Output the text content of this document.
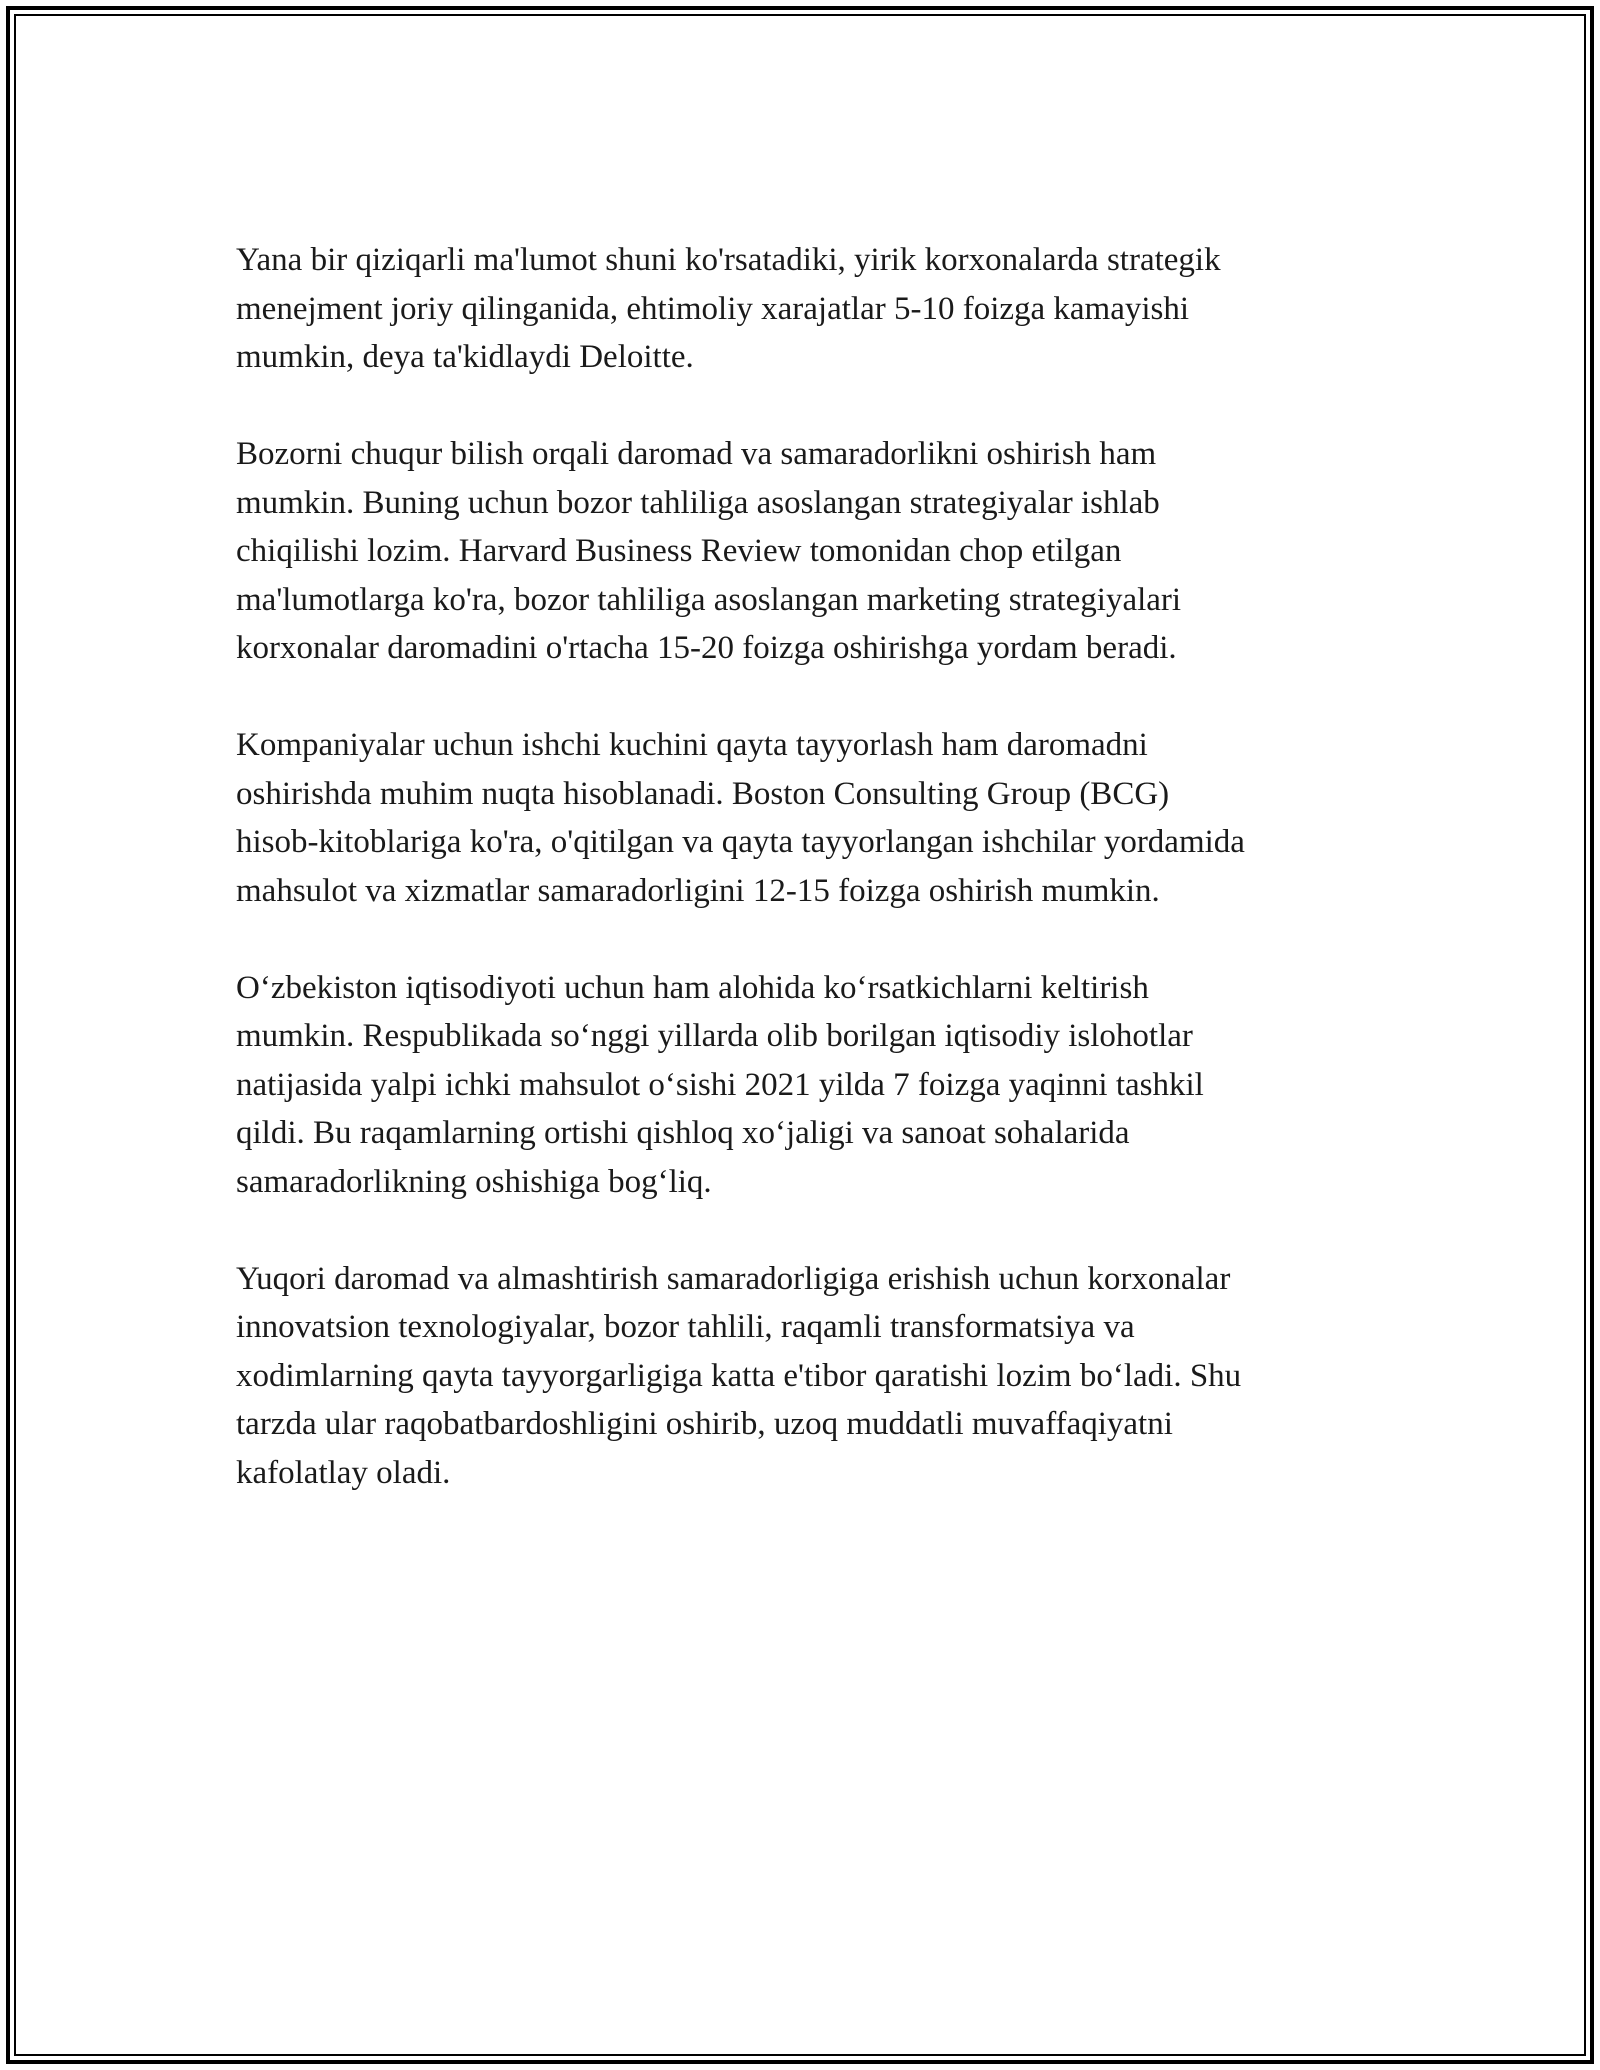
Yana bir qiziqarli ma'lumot shuni ko'rsatadiki, yirik korxonalarda strategik
menejment joriy qilinganida, ehtimoliy xarajatlar 5-10 foizga kamayishi
mumkin, deya ta'kidlaydi Deloitte.

Bozorni chuqur bilish orqali daromad va samaradorlikni oshirish ham
mumkin. Buning uchun bozor tahliliga asoslangan strategiyalar ishlab
chiqilishi lozim. Harvard Business Review tomonidan chop etilgan
ma'lumotlarga ko'ra, bozor tahliliga asoslangan marketing strategiyalari
korxonalar daromadini o'rtacha 15-20 foizga oshirishga yordam beradi.

Kompaniyalar uchun ishchi kuchini qayta tayyorlash ham daromadni
oshirishda muhim nuqta hisoblanadi. Boston Consulting Group (BCG)
hisob-kitoblariga ko'ra, o'qitilgan va qayta tayyorlangan ishchilar yordamida
mahsulot va xizmatlar samaradorligini 12-15 foizga oshirish mumkin.

O‘zbekiston iqtisodiyoti uchun ham alohida ko‘rsatkichlarni keltirish
mumkin. Respublikada so‘nggi yillarda olib borilgan iqtisodiy islohotlar
natijasida yalpi ichki mahsulot o‘sishi 2021 yilda 7 foizga yaqinni tashkil
qildi. Bu raqamlarning ortishi qishloq xo‘jaligi va sanoat sohalarida
samaradorlikning oshishiga bog‘liq.

Yuqori daromad va almashtirish samaradorligiga erishish uchun korxonalar
innovatsion texnologiyalar, bozor tahlili, raqamli transformatsiya va
xodimlarning qayta tayyorgarligiga katta e'tibor qaratishi lozim bo‘ladi. Shu
tarzda ular raqobatbardoshligini oshirib, uzoq muddatli muvaffaqiyatni
kafolatlay oladi.
